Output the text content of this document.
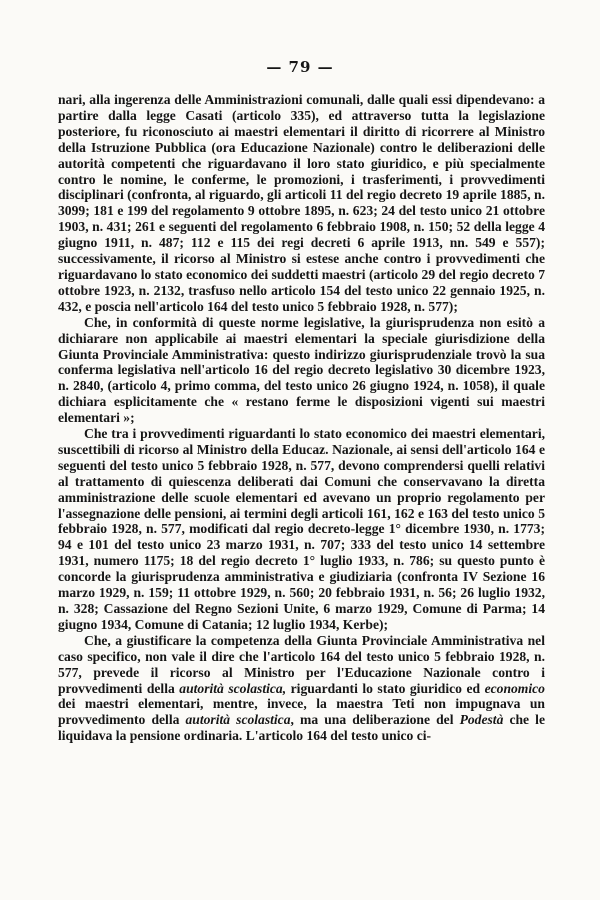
— 79 —

nari, alla ingerenza delle Amministrazioni comunali, dalle quali essi dipendevano: a partire dalla legge Casati (articolo 335), ed attraverso tutta la legislazione posteriore, fu riconosciuto ai maestri elementari il diritto di ricorrere al Ministro della Istruzione Pubblica (ora Educazione Nazionale) contro le deliberazioni delle autorità competenti che riguardavano il loro stato giuridico, e più specialmente contro le nomine, le conferme, le promozioni, i trasferimenti, i provvedimenti disciplinari (confronta, al riguardo, gli articoli 11 del regio decreto 19 aprile 1885, n. 3099; 181 e 199 del regolamento 9 ottobre 1895, n. 623; 24 del testo unico 21 ottobre 1903, n. 431; 261 e seguenti del regolamento 6 febbraio 1908, n. 150; 52 della legge 4 giugno 1911, n. 487; 112 e 115 dei regi decreti 6 aprile 1913, nn. 549 e 557); successivamente, il ricorso al Ministro si estese anche contro i provvedimenti che riguardavano lo stato economico dei suddetti maestri (articolo 29 del regio decreto 7 ottobre 1923, n. 2132, trasfuso nello articolo 154 del testo unico 22 gennaio 1925, n. 432, e poscia nell'articolo 164 del testo unico 5 febbraio 1928, n. 577);

Che, in conformità di queste norme legislative, la giurisprudenza non esitò a dichiarare non applicabile ai maestri elementari la speciale giurisdizione della Giunta Provinciale Amministrativa: questo indirizzo giurisprudenziale trovò la sua conferma legislativa nell'articolo 16 del regio decreto legislativo 30 dicembre 1923, n. 2840, (articolo 4, primo comma, del testo unico 26 giugno 1924, n. 1058), il quale dichiara esplicitamente che « restano ferme le disposizioni vigenti sui maestri elementari »;

Che tra i provvedimenti riguardanti lo stato economico dei maestri elementari, suscettibili di ricorso al Ministro della Educaz. Nazionale, ai sensi dell'articolo 164 e seguenti del testo unico 5 febbraio 1928, n. 577, devono comprendersi quelli relativi al trattamento di quiescenza deliberati dai Comuni che conservavano la diretta amministrazione delle scuole elementari ed avevano un proprio regolamento per l'assegnazione delle pensioni, ai termini degli articoli 161, 162 e 163 del testo unico 5 febbraio 1928, n. 577, modificati dal regio decreto-legge 1° dicembre 1930, n. 1773; 94 e 101 del testo unico 23 marzo 1931, n. 707; 333 del testo unico 14 settembre 1931, numero 1175; 18 del regio decreto 1° luglio 1933, n. 786; su questo punto è concorde la giurisprudenza amministrativa e giudiziaria (confronta IV Sezione 16 marzo 1929, n. 159; 11 ottobre 1929, n. 560; 20 febbraio 1931, n. 56; 26 luglio 1932, n. 328; Cassazione del Regno Sezioni Unite, 6 marzo 1929, Comune di Parma; 14 giugno 1934, Comune di Catania; 12 luglio 1934, Kerbe);

Che, a giustificare la competenza della Giunta Provinciale Amministrativa nel caso specifico, non vale il dire che l'articolo 164 del testo unico 5 febbraio 1928, n. 577, prevede il ricorso al Ministro per l'Educazione Nazionale contro i provvedimenti della autorità scolastica, riguardanti lo stato giuridico ed economico dei maestri elementari, mentre, invece, la maestra Teti non impugnava un provvedimento della autorità scolastica, ma una deliberazione del Podestà che le liquidava la pensione ordinaria. L'articolo 164 del testo unico ci-
